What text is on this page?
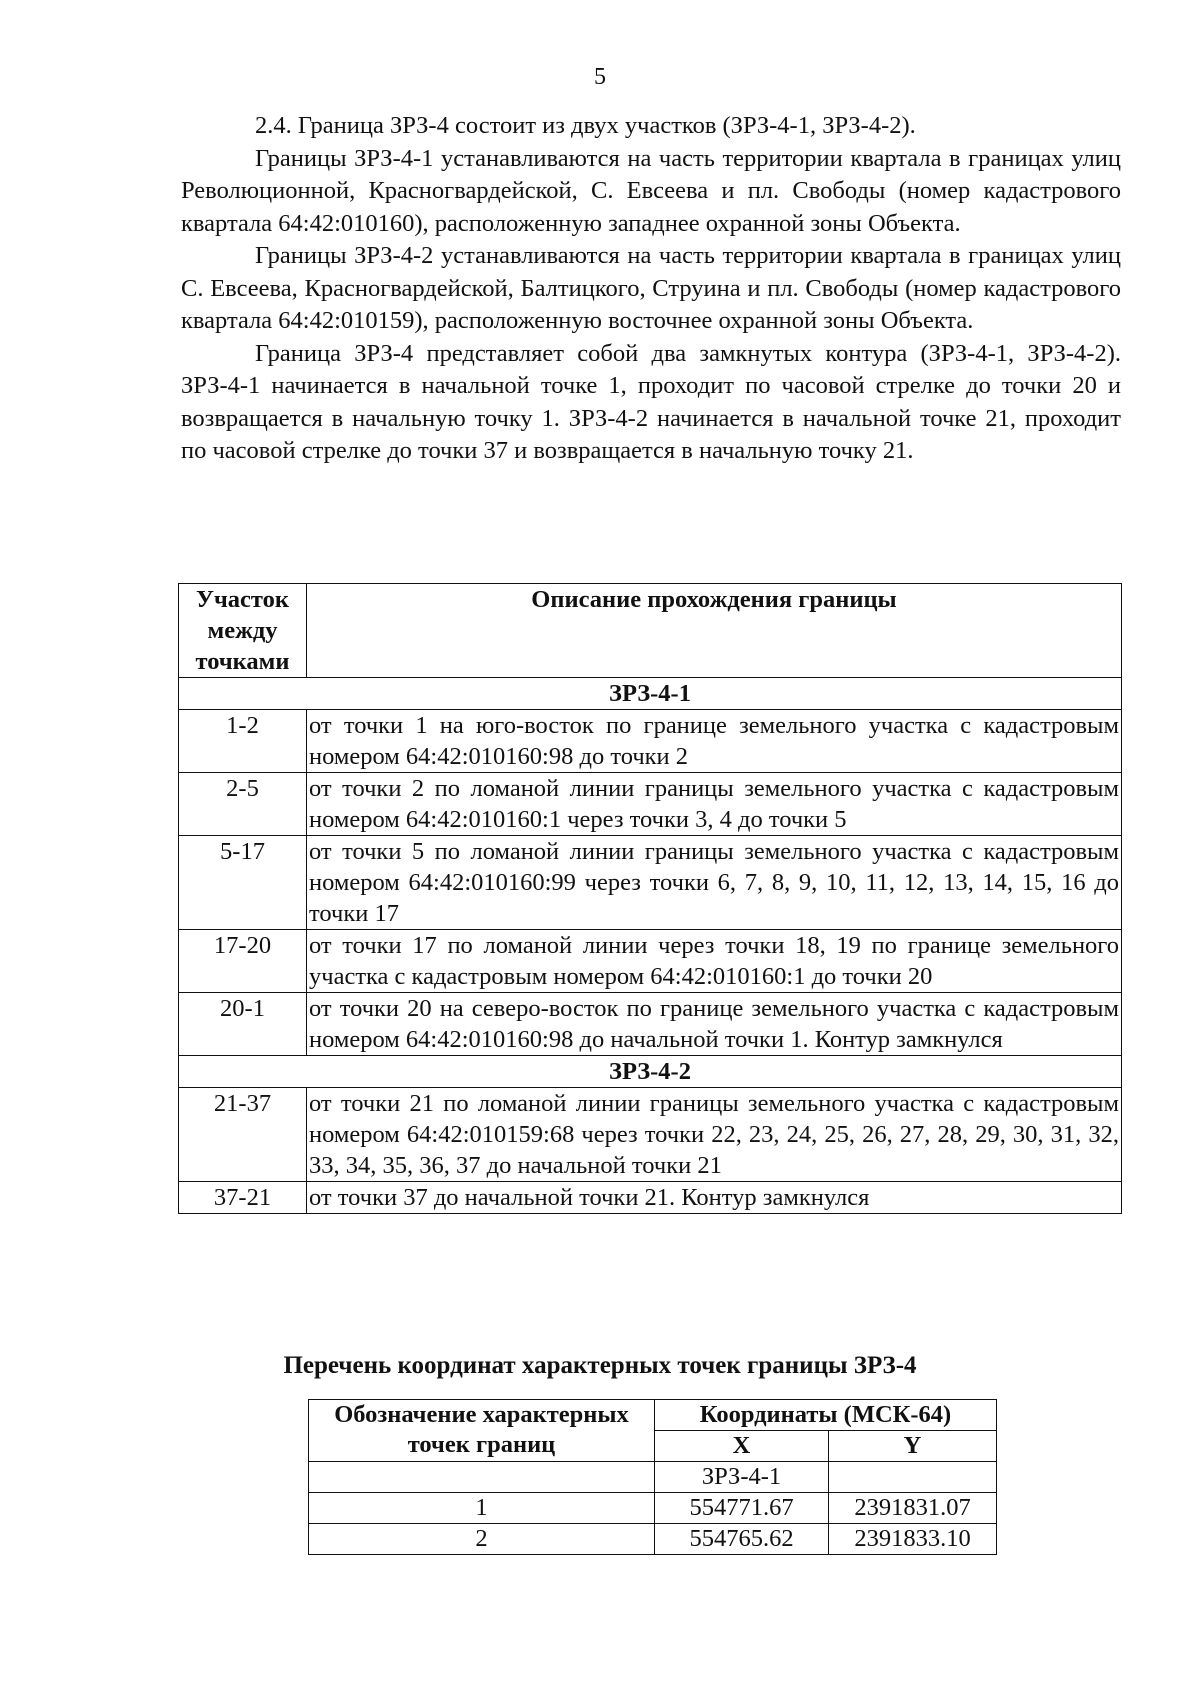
5

2.4. Граница ЗРЗ-4 состоит из двух участков (ЗРЗ-4-1, ЗРЗ-4-2).

Границы ЗРЗ-4-1 устанавливаются на часть территории квартала в границах улиц Революционной, Красногвардейской, С. Евсеева и пл. Свободы (номер кадастрового квартала 64:42:010160), расположенную западнее охранной зоны Объекта.

Границы ЗРЗ-4-2 устанавливаются на часть территории квартала в границах улиц С. Евсеева, Красногвардейской, Балтицкого, Струина и пл. Свободы (номер кадастрового квартала 64:42:010159), расположенную восточнее охранной зоны Объекта.

Граница ЗРЗ-4 представляет собой два замкнутых контура (ЗРЗ-4-1, ЗРЗ-4-2). ЗРЗ-4-1 начинается в начальной точке 1, проходит по часовой стрелке до точки 20 и возвращается в начальную точку 1. ЗРЗ-4-2 начинается в начальной точке 21, проходит по часовой стрелке до точки 37 и возвращается в начальную точку 21.

Участок между точками	Описание прохождения границы
ЗРЗ-4-1	
1-2	от точки 1 на юго-восток по границе земельного участка с кадастровым номером 64:42:010160:98 до точки 2
2-5	от точки 2 по ломаной линии границы земельного участка с кадастровым номером 64:42:010160:1 через точки 3, 4 до точки 5
5-17	от точки 5 по ломаной линии границы земельного участка с кадастровым номером 64:42:010160:99 через точки 6, 7, 8, 9, 10, 11, 12, 13, 14, 15, 16 до точки 17
17-20	от точки 17 по ломаной линии через точки 18, 19 по границе земельного участка с кадастровым номером 64:42:010160:1 до точки 20
20-1	от точки 20 на северо-восток по границе земельного участка с кадастровым номером 64:42:010160:98 до начальной точки 1. Контур замкнулся
ЗРЗ-4-2	
21-37	от точки 21 по ломаной линии границы земельного участка с кадастровым номером 64:42:010159:68 через точки 22, 23, 24, 25, 26, 27, 28, 29, 30, 31, 32, 33, 34, 35, 36, 37 до начальной точки 21
37-21	от точки 37 до начальной точки 21. Контур замкнулся
Перечень координат характерных точек границы ЗРЗ-4
Обозначение характерных точек границ	Координаты (МСК-64)	
	X	Y
	ЗРЗ-4-1	
1	554771.67	2391831.07
2	554765.62	2391833.10
